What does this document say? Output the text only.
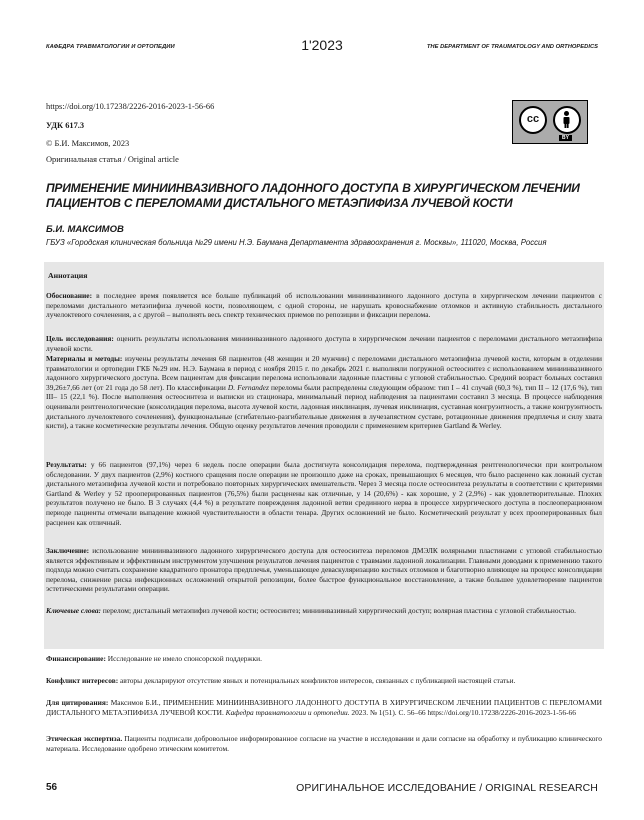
КАФЕДРА ТРАВМАТОЛОГИИ И ОРТОПЕДИИ	1'2023	THE DEPARTMENT OF TRAUMATOLOGY AND ORTHOPEDICS
https://doi.org/10.17238/2226-2016-2023-1-56-66
УДК 617.3
© Б.И. Максимов, 2023
Оригинальная статья / Original article
cc
BY
ПРИМЕНЕНИЕ МИНИИНВАЗИВНОГО ЛАДОННОГО ДОСТУПА В ХИРУРГИЧЕСКОМ ЛЕЧЕНИИ ПАЦИЕНТОВ С ПЕРЕЛОМАМИ ДИСТАЛЬНОГО МЕТАЭПИФИЗА ЛУЧЕВОЙ КОСТИ
Б.И. МАКСИМОВ
ГБУЗ «Городская клиническая больница №29 имени Н.Э. Баумана Департамента здравоохранения г. Москвы», 111020, Москва, Россия
Аннотация
Обоснование: в последнее время появляется все больше публикаций об использовании миниинвазивного ладонного доступа в хирургическом лечении пациентов с переломами дистального метаэпифиза лучевой кости, позволяющем, с одной стороны, не нарушать кровоснабжение отломков и активную стабильность дистального лучелоктевого сочленения, а с другой – выполнять весь спектр технических приемов по репозиции и фиксации перелома.
Цель исследования: оценить результаты использования миниинвазивного ладонного доступа в хирургическом лечении пациентов с переломами дистального метаэпифиза лучевой кости.
Материалы и методы: изучены результаты лечения 68 пациентов (48 женщин и 20 мужчин) с переломами дистального метаэпифиза лучевой кости, которым в отделении травматологии и ортопедии ГКБ №29 им. Н.Э. Баумана в период с ноября 2015 г. по декабрь 2021 г. выполняли погружной остеосинтез с использованием миниинвазивного ладонного хирургического доступа. Всем пациентам для фиксации перелома использовали ладонные пластины с угловой стабильностью. Средний возраст больных составил 39,26±7,66 лет (от 21 года до 58 лет). По классификации D. Fernandez переломы были распределены следующим образом: тип I – 41 случай (60,3 %), тип II – 12 (17,6 %), тип III– 15 (22,1 %). После выполнения остеосинтеза и выписки из стационара, минимальный период наблюдения за пациентами составил 3 месяца. В процессе наблюдения оценивали рентгенологические (консолидация перелома, высота лучевой кости, ладонная инклинация, лучевая инклинация, суставная конгруэнтность, а также конгруэнтность дистального лучелоктевого сочленения), функциональные (сгибательно-разгибательные движения в лучезапястном суставе, ротационные движения предплечья и силу хвата кисти), а также косметические результаты лечения. Общую оценку результатов лечения проводили с применением критериев Gartland & Werley.
Результаты: у 66 пациентов (97,1%) через 6 недель после операции была достигнута консолидация перелома, подтвержденная рентгенологически при контрольном обследовании. У двух пациентов (2,9%) костного сращения после операции не произошло даже на сроках, превышающих 6 месяцев, что было расценено как ложный сустав дистального метаэпифиза лучевой кости и потребовало повторных хирургических вмешательств. Через 3 месяца после остеосинтеза результаты в соответствии с критериями Gartland & Werley у 52 прооперированных пациентов (76,5%) были расценены как отличные, у 14 (20,6%) - как хорошие, у 2 (2,9%) - как удовлетворительные. Плохих результатов получено не было. В 3 случаях (4,4 %) в результате повреждения ладонной ветви срединного нерва в процессе хирургического доступа в послеоперационном периоде пациенты отмечали выпадение кожной чувствительности в области тенара. Других осложнений не было. Косметический результат у всех прооперированных был расценен как отличный.
Заключение: использование миниинвазивного ладонного хирургического доступа для остеосинтеза переломов ДМЭЛК волярными пластинами с угловой стабильностью является эффективным и эффективным инструментом улучшения результатов лечения пациентов с травмами ладонной локализации. Главными доводами к применению такого подхода можно считать сохранение квадратного пронатора предплечья, уменьшающее деваскуляризацию костных отломков и благотворно влияющее на процесс консолидации перелома, снижение риска инфекционных осложнений открытой репозиции, более быстрое функциональное восстановление, а также большее удовлетворение пациентов эстетическими результатами операции.
Ключевые слова: перелом; дистальный метаэпифиз лучевой кости; остеосинтез; миниинвазивный хирургический доступ; волярная пластина с угловой стабильностью.
Финансирование: Исследование не имело спонсорской поддержки.
Конфликт интересов: авторы декларируют отсутствие явных и потенциальных конфликтов интересов, связанных с публикацией настоящей статьи.
Для цитирования: Максимов Б.И., ПРИМЕНЕНИЕ МИНИИНВАЗИВНОГО ЛАДОННОГО ДОСТУПА В ХИРУРГИЧЕСКОМ ЛЕЧЕНИИ ПАЦИЕНТОВ С ПЕРЕЛОМАМИ ДИСТАЛЬНОГО МЕТАЭПИФИЗА ЛУЧЕВОЙ КОСТИ. Кафедра травматологии и ортопедии. 2023. № 1(51). С. 56–66 https://doi.org/10.17238/2226-2016-2023-1-56-66
Этическая экспертиза. Пациенты подписали добровольное информированное согласие на участие в исследовании и дали согласие на обработку и публикацию клинического материала. Исследование одобрено этическим комитетом.
56	ОРИГИНАЛЬНОЕ ИССЛЕДОВАНИЕ / ORIGINAL RESEARCH
